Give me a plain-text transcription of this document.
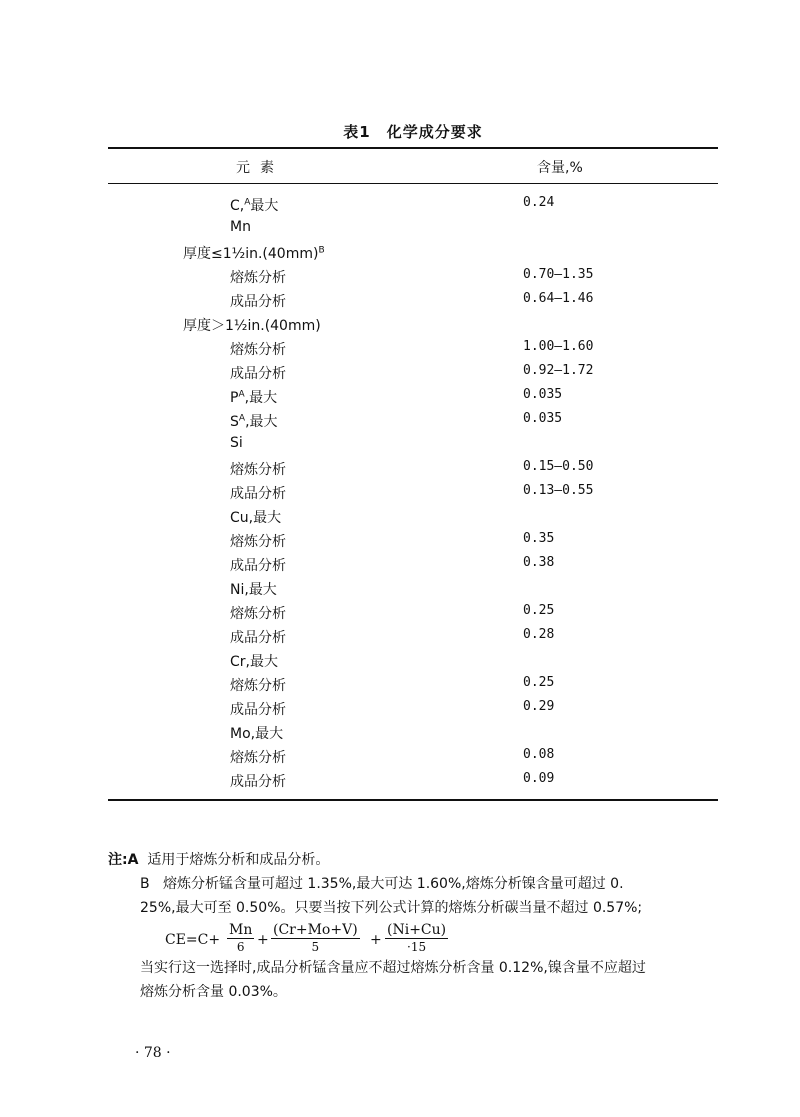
表1　化学成分要求
元素	含量,%
C,$^A$最大	0.24
Mn
厚度$\le 1\frac{1}{2}in.(40mm)^B$
熔炼分析	0.70—1.35
成品分析	0.64—1.46
厚度＞1½in.(40mm)
熔炼分析	1.00—1.60
成品分析	0.92—1.72
$P^A$,最大	0.035
$S^A$,最大	0.035
Si
熔炼分析	0.15—0.50
成品分析	0.13—0.55
Cu,最大
熔炼分析	0.35
成品分析	0.38
Ni,最大
熔炼分析	0.25
成品分析	0.28
Cr,最大
熔炼分析	0.25
成品分析	0.29
Mo,最大
熔炼分析	0.08
成品分析	0.09
注:A 适用于熔炼分析和成品分析。
B 熔炼分析锰含量可超过 1.35%,最大可达 1.60%,熔炼分析镍含量可超过 0.
25%,最大可至 0.50%。只要当按下列公式计算的熔炼分析碳当量不超过 0.57%;
当实行这一选择时,成品分析锰含量应不超过熔炼分析含量 0.12%,镍含量不应超过
熔炼分析含量 0.03%。
$CE=C+ \frac{Mn}{6} + \frac{(Cr+Mo+V)}{5} + \frac{(Ni+Cu)}{\cdot 15}$
· 78 ·
